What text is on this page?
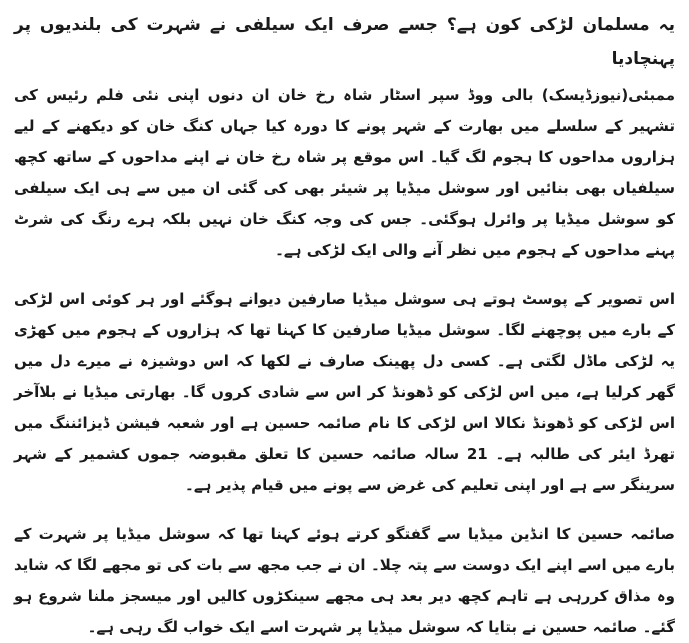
یہ مسلمان لڑکی کون ہے؟ جسے صرف ایک سیلفی نے شہرت کی بلندیوں پر پہنچادیا
ممبئی(نیوزڈیسک) بالی ووڈ سپر اسٹار شاہ رخ خان ان دنوں اپنی نئی فلم رئیس کی تشہیر کے سلسلے میں بھارت کے شہر پونے کا دورہ کیا جہاں کنگ خان کو دیکھنے کے لیے ہزاروں مداحوں کا ہجوم لگ گیا۔ اس موقع پر شاہ رخ خان نے اپنے مداحوں کے ساتھ کچھ سیلفیاں بھی بنائیں اور سوشل میڈیا پر شیئر بھی کی گئی ان میں سے ہی ایک سیلفی کو سوشل میڈیا پر وائرل ہوگئی۔ جس کی وجہ کنگ خان نہیں بلکہ ہرے رنگ کی شرٹ پہنے مداحوں کے ہجوم میں نظر آنے والی ایک لڑکی ہے۔
اس تصویر کے پوسٹ ہوتے ہی سوشل میڈیا صارفین دیوانے ہوگئے اور ہر کوئی اس لڑکی کے بارے میں پوچھنے لگا۔ سوشل میڈیا صارفین کا کہنا تھا کہ ہزاروں کے ہجوم میں کھڑی یہ لڑکی ماڈل لگتی ہے۔ کسی دل پھینک صارف نے لکھا کہ اس دوشیزہ نے میرے دل میں گھر کرلیا ہے، میں اس لڑکی کو ڈھونڈ کر اس سے شادی کروں گا۔ بھارتی میڈیا نے بلاآخر اس لڑکی کو ڈھونڈ نکالا اس لڑکی کا نام صائمہ حسین ہے اور شعبہ فیشن ڈیزائننگ میں تھرڈ ایئر کی طالبہ ہے۔ 21 سالہ صائمہ حسین کا تعلق مقبوضہ جموں کشمیر کے شہر سرینگر سے ہے اور اپنی تعلیم کی غرض سے پونے میں قیام پذیر ہے۔
صائمہ حسین کا انڈین میڈیا سے گفتگو کرتے ہوئے کہنا تھا کہ سوشل میڈیا پر شہرت کے بارے میں اسے اپنے ایک دوست سے پتہ چلا۔ ان نے جب مجھ سے بات کی تو مجھے لگا کہ شاید وہ مذاق کررہی ہے تاہم کچھ دیر بعد ہی مجھے سینکڑوں کالیں اور میسجز ملنا شروع ہو گئے۔ صائمہ حسین نے بتایا کہ سوشل میڈیا پر شہرت اسے ایک خواب لگ رہی ہے۔
